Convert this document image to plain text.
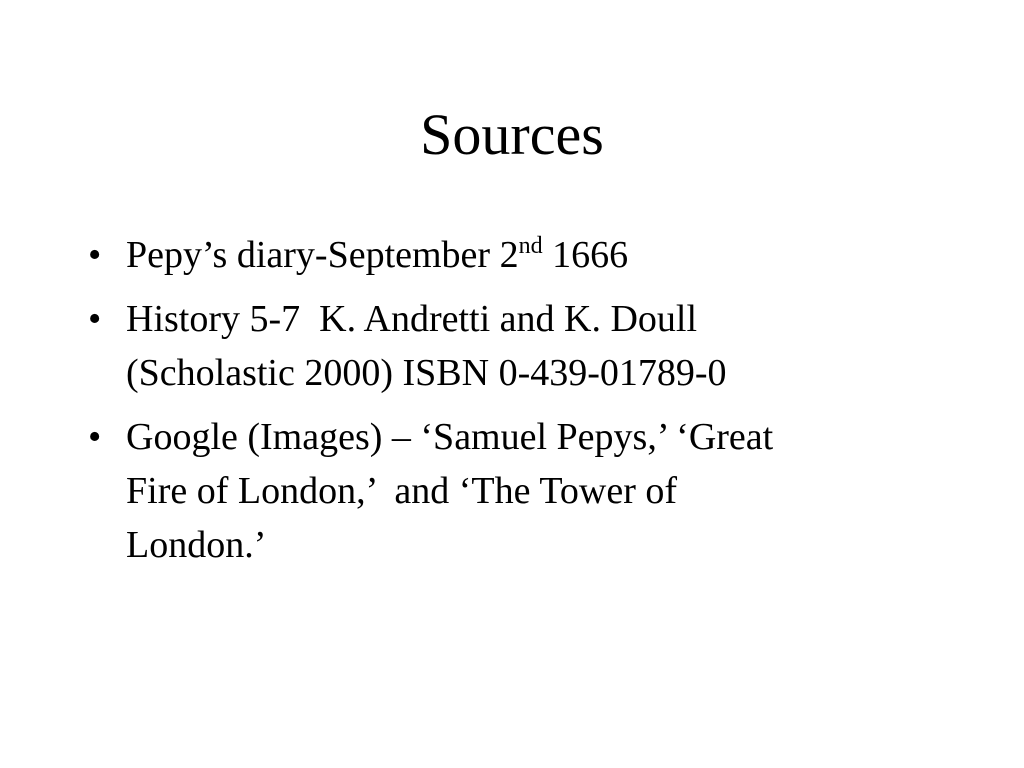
Sources
• Pepy’s diary-September 2nd 1666
• History 5-7  K. Andretti and K. Doull
(Scholastic 2000) ISBN 0-439-01789-0
• Google (Images) – ‘Samuel Pepys,’ ‘Great
Fire of London,’  and ‘The Tower of
London.’
